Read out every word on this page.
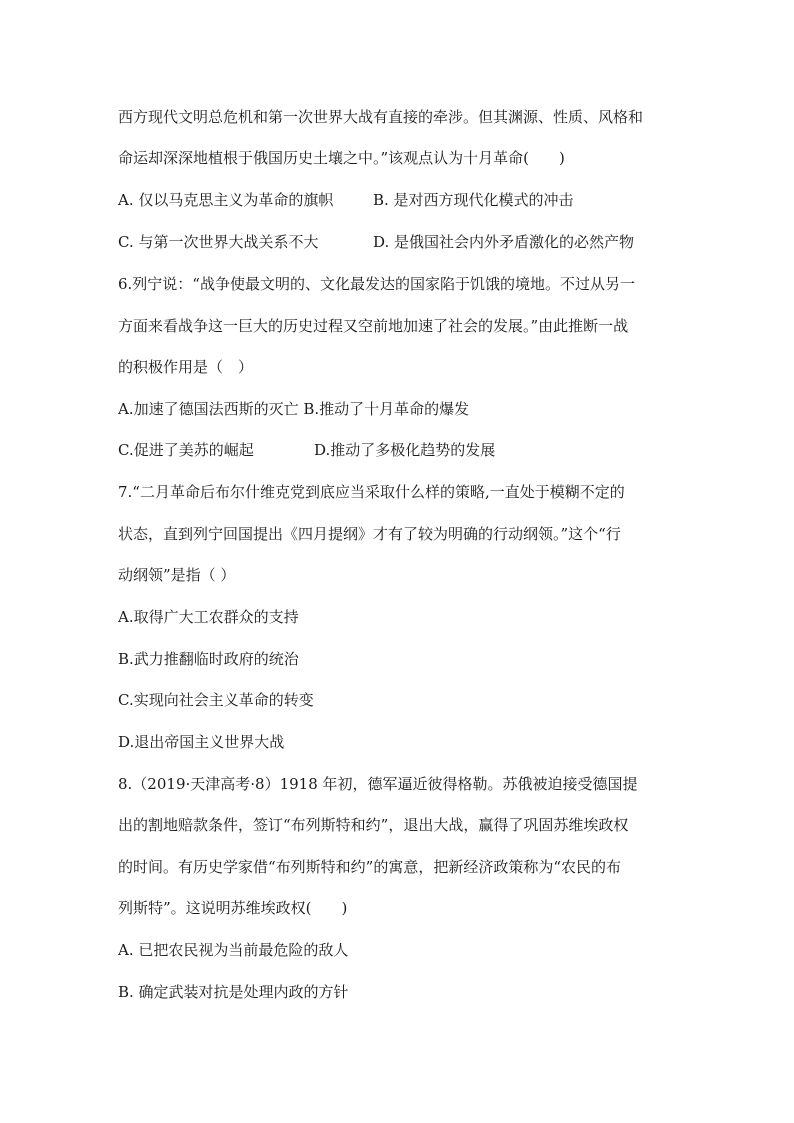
西方现代文明总危机和第一次世界大战有直接的牵涉。但其渊源、性质、风格和
命运却深深地植根于俄国历史土壤之中。”该观点认为十月革命(　　)
A. 仅以马克思主义为革命的旗帜	B. 是对西方现代化模式的冲击
C. 与第一次世界大战关系不大	D. 是俄国社会内外矛盾激化的必然产物
6.列宁说：“战争使最文明的、文化最发达的国家陷于饥饿的境地。不过从另一
方面来看战争这一巨大的历史过程又空前地加速了社会的发展。”由此推断一战
的积极作用是（　）
A.加速了德国法西斯的灭亡 B.推动了十月革命的爆发
C.促进了美苏的崛起	D.推动了多极化趋势的发展
7.“二月革命后布尔什维克党到底应当采取什么样的策略,一直处于模糊不定的
状态，直到列宁回国提出《四月提纲》才有了较为明确的行动纲领。”这个“行
动纲领”是指（ ）
A.取得广大工农群众的支持
B.武力推翻临时政府的统治
C.实现向社会主义革命的转变
D.退出帝国主义世界大战
8.（2019·天津高考·8）1918 年初，德军逼近彼得格勒。苏俄被迫接受德国提
出的割地赔款条件，签订“布列斯特和约”，退出大战，赢得了巩固苏维埃政权
的时间。有历史学家借“布列斯特和约”的寓意，把新经济政策称为“农民的布
列斯特”。这说明苏维埃政权(　　)
A. 已把农民视为当前最危险的敌人
B. 确定武装对抗是处理内政的方针
